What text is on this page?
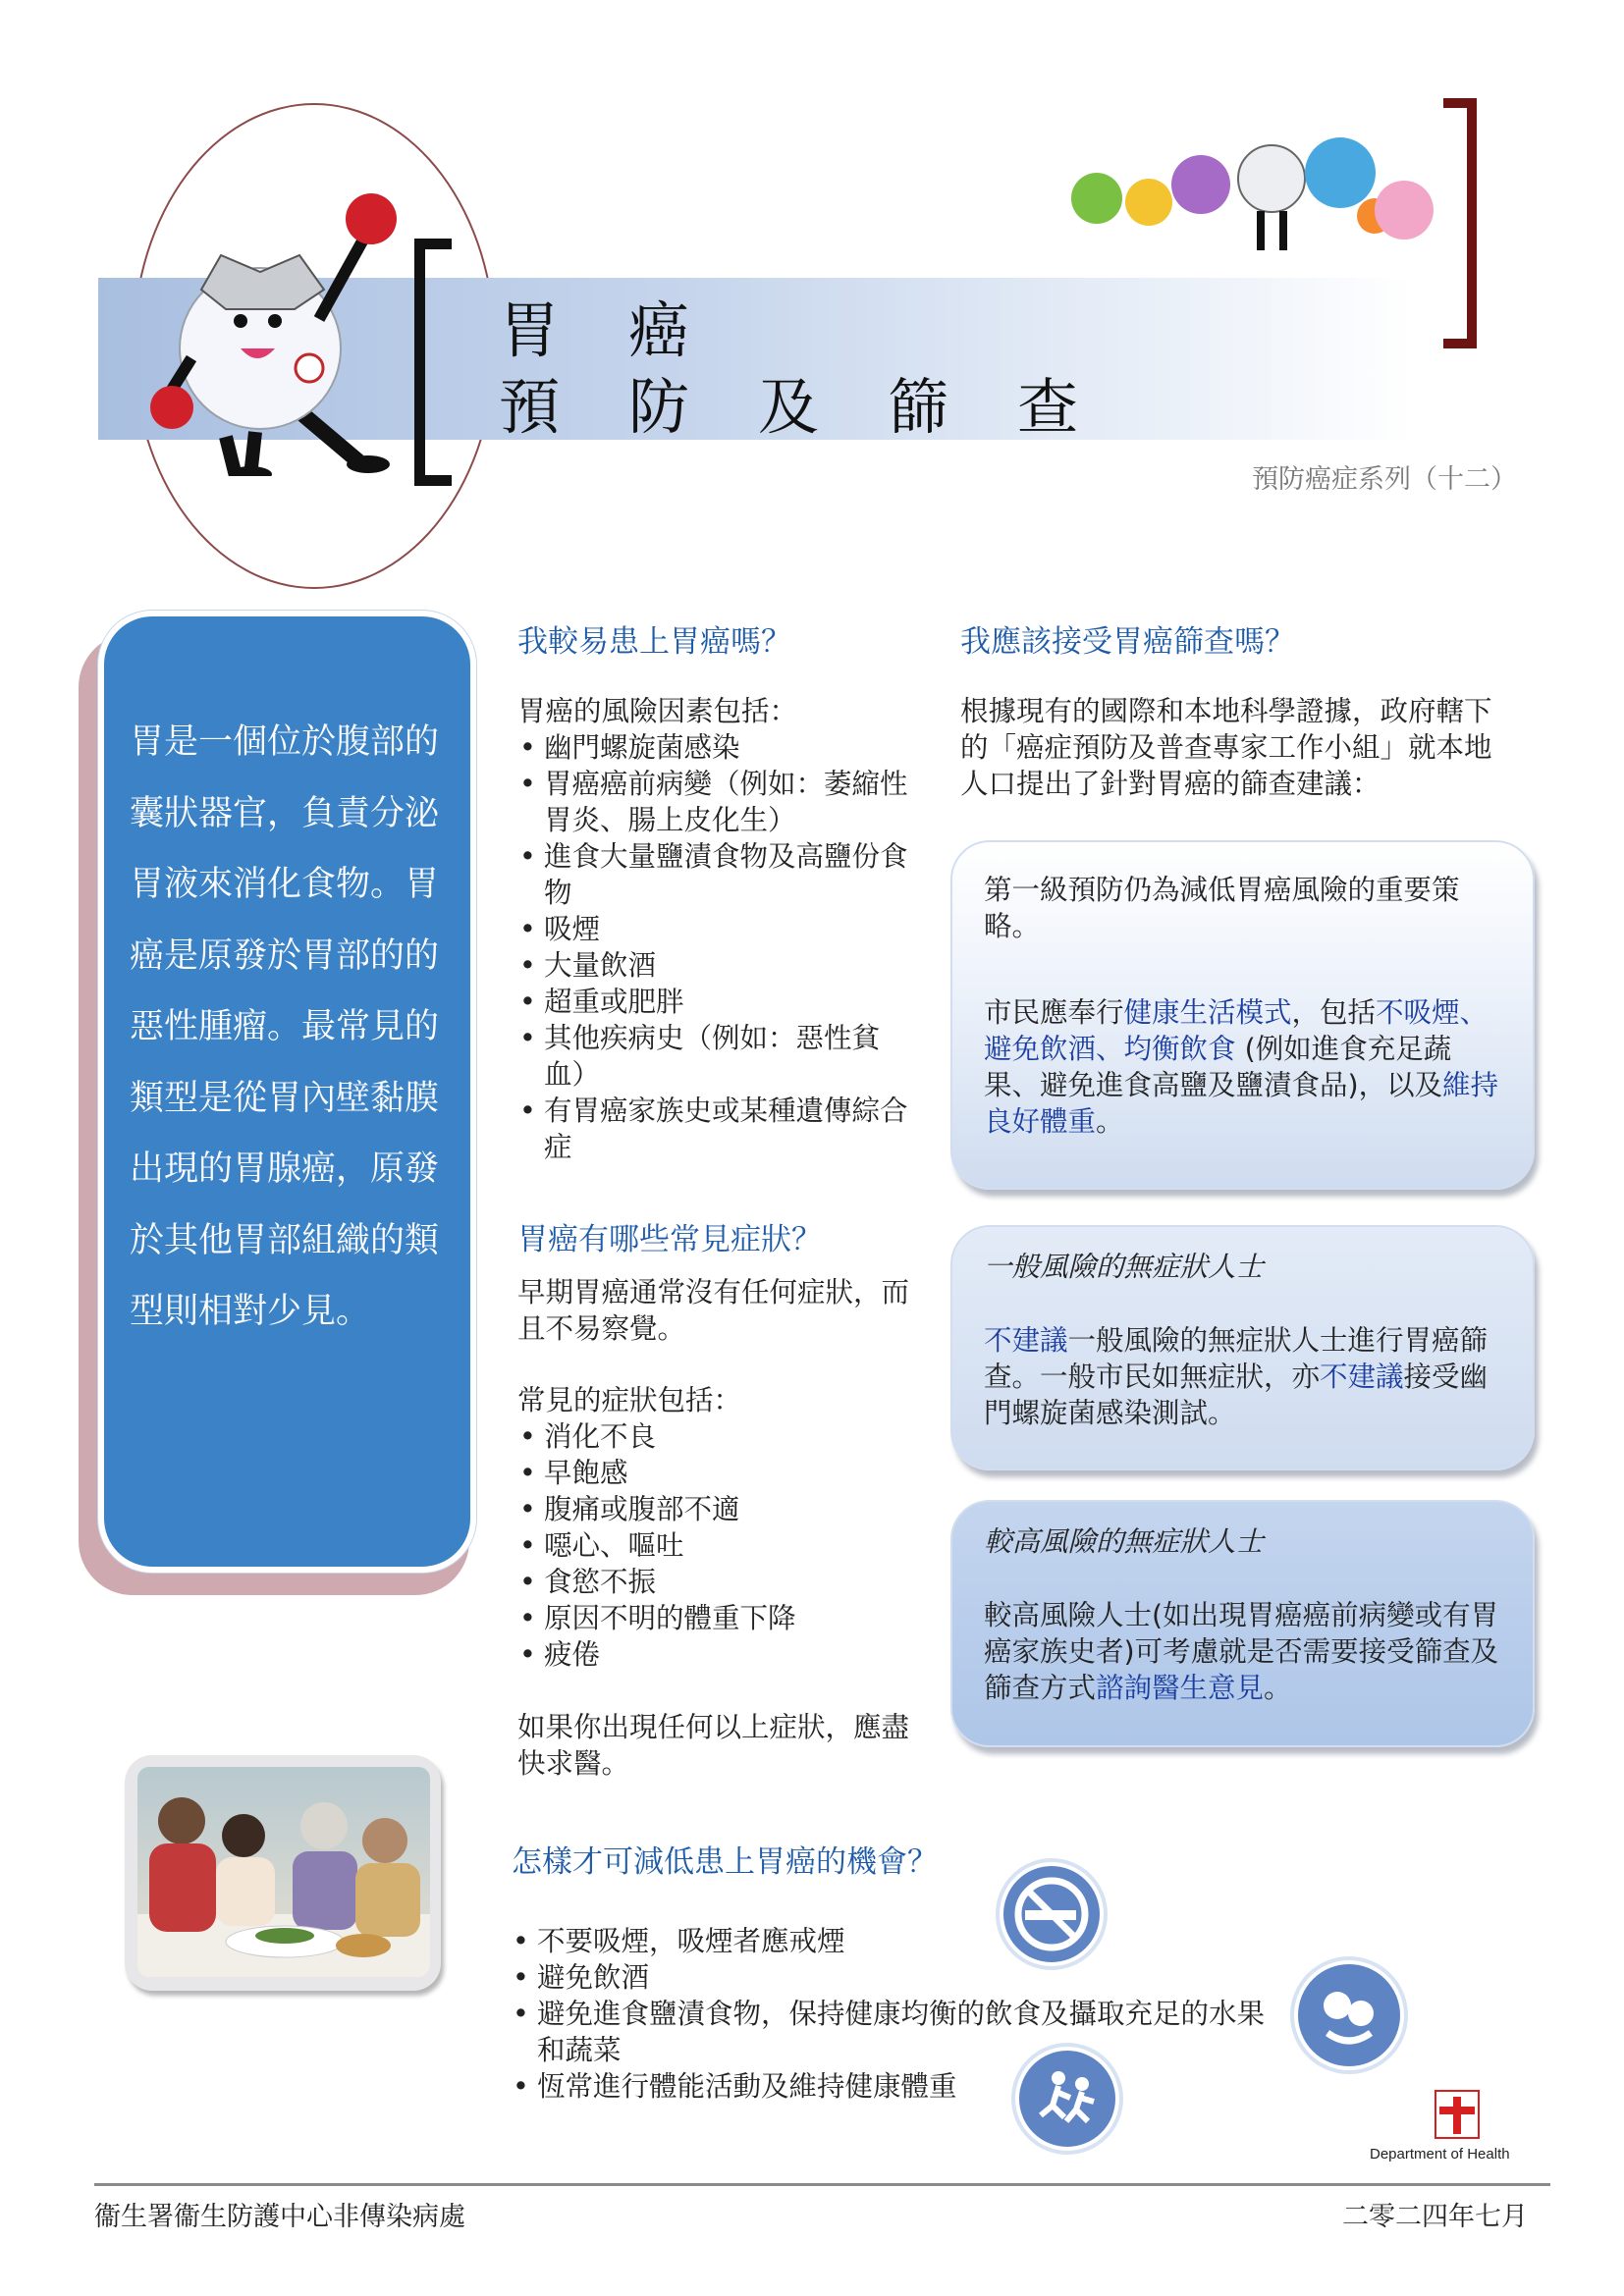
胃癌
預防及篩查
預防癌症系列（十二）
胃是一個位於腹部的囊狀器官，負責分泌胃液來消化食物。胃癌是原發於胃部的的惡性腫瘤。最常見的類型是從胃內壁黏膜出現的胃腺癌，原發於其他胃部組織的類型則相對少見。
我較易患上胃癌嗎？
胃癌的風險因素包括：
• 幽門螺旋菌感染
• 胃癌癌前病變（例如：萎縮性胃炎、腸上皮化生）
• 進食大量鹽漬食物及高鹽份食物
• 吸煙
• 大量飲酒
• 超重或肥胖
• 其他疾病史（例如：惡性貧血）
• 有胃癌家族史或某種遺傳綜合症
胃癌有哪些常見症狀？
早期胃癌通常沒有任何症狀，而且不易察覺。
常見的症狀包括：
• 消化不良
• 早飽感
• 腹痛或腹部不適
• 噁心、嘔吐
• 食慾不振
• 原因不明的體重下降
• 疲倦
如果你出現任何以上症狀，應盡快求醫。
我應該接受胃癌篩查嗎？
根據現有的國際和本地科學證據，政府轄下的「癌症預防及普查專家工作小組」就本地人口提出了針對胃癌的篩查建議：

第一級預防仍為減低胃癌風險的重要策略。

市民應奉行健康生活模式，包括不吸煙、避免飲酒、均衡飲食 (例如進食充足蔬果、避免進食高鹽及鹽漬食品)，以及維持良好體重。

一般風險的無症狀人士

不建議一般風險的無症狀人士進行胃癌篩查。一般市民如無症狀，亦不建議接受幽門螺旋菌感染測試。

較高風險的無症狀人士

較高風險人士(如出現胃癌癌前病變或有胃癌家族史者)可考慮就是否需要接受篩查及篩查方式諮詢醫生意見。

怎樣才可減低患上胃癌的機會？
• 不要吸煙，吸煙者應戒煙
• 避免飲酒
• 避免進食鹽漬食物，保持健康均衡的飲食及攝取充足的水果和蔬菜
• 恆常進行體能活動及維持健康體重
Department of Health
衞生署衞生防護中心非傳染病處	二零二四年七月
